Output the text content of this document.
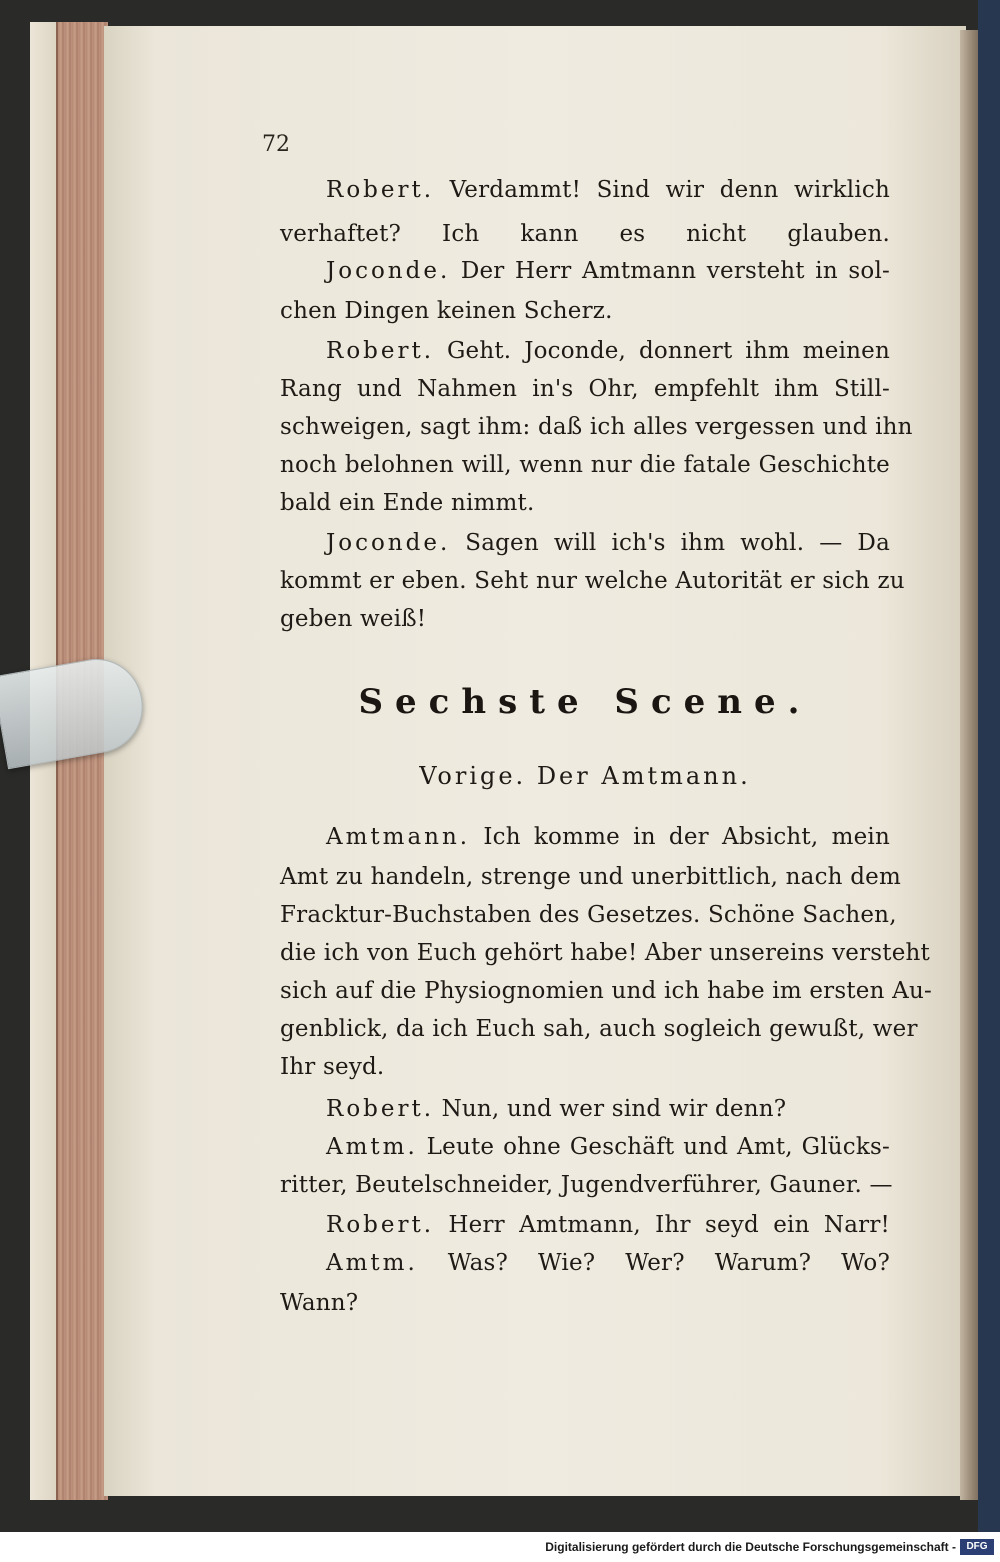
72
Robert. Verdammt! Sind wir denn wirklich
verhaftet? Ich kann es nicht glauben.
Joconde. Der Herr Amtmann versteht in sol-
chen Dingen keinen Scherz.
Robert. Geht. Joconde, donnert ihm meinen
Rang und Nahmen in's Ohr, empfehlt ihm Still-
schweigen, sagt ihm: daß ich alles vergessen und ihn
noch belohnen will, wenn nur die fatale Geschichte
bald ein Ende nimmt.
Joconde. Sagen will ich's ihm wohl. — Da
kommt er eben. Seht nur welche Autorität er sich zu
geben weiß!
Sechste Scene.
Vorige. Der Amtmann.
Amtmann. Ich komme in der Absicht, mein
Amt zu handeln, strenge und unerbittlich, nach dem
Fracktur-Buchstaben des Gesetzes. Schöne Sachen,
die ich von Euch gehört habe! Aber unsereins versteht
sich auf die Physiognomien und ich habe im ersten Au-
genblick, da ich Euch sah, auch sogleich gewußt, wer
Ihr seyd.
Robert. Nun, und wer sind wir denn?
Amtm. Leute ohne Geschäft und Amt, Glücks-
ritter, Beutelschneider, Jugendverführer, Gauner. —
Robert. Herr Amtmann, Ihr seyd ein Narr!
Amtm. Was? Wie? Wer? Warum? Wo?
Wann?
Digitalisierung gefördert durch die Deutsche Forschungsgemeinschaft -	DFG
